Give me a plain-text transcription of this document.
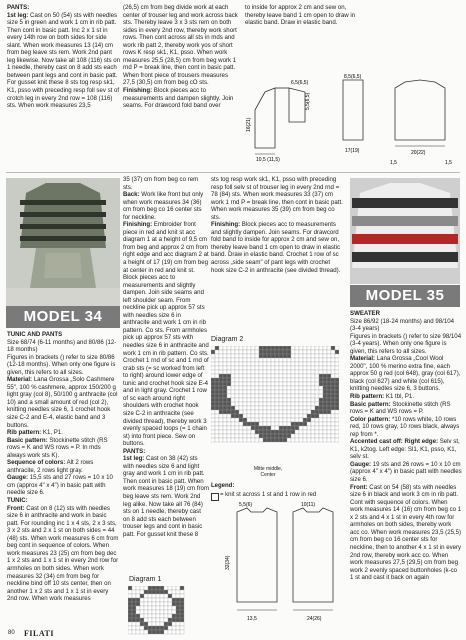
PANTS:
1st leg: Cast on 50 (54) sts with needles size 5 in green and work 1 cm in rib patt. Then cont in basic patt. Inc 2 x 1 st in every 14th row on both sides for side slant. When work measures 13 (14) cm from beg leave sts rem. Work 2nd pant leg likewise. Now take all 108 (116) sts on 1 needle, thereby cast on 8 add sts each between pant legs and cont in basic patt. For gusset knit these 8 sts tog resp sk1, K1, psso with preceding resp foll sev st of crotch leg in every 2nd row = 108 (116) sts. When work measures 23,5
(26,5) cm from beg divide work at each center of trouser leg and work across back sts. Thereby leave 3 x 3 sts rem on both sides in every 2nd row, thereby work short rows. Then cont across all sts in mds and work rib patt 2, thereby work yos of short rows K resp sk1, K1, psso. When work measures 25,5 (28,5) cm from beg work 1 rnd P = break line, then cont in basic patt. When front piece of trousers measures 27,5 (30,5) cm from beg cO sts.
Finishing: Block pieces acc to measurements and dampen slightly. Join seams. For drawcord fold band over
to inside for approx 2 cm and sew on, thereby leave band 1 cm open to draw in elastic band. Draw in elastic band.
10,5 (11,5)
16(21)
6,5(6,5)
5,5(6,5)
8,5(6,5)
17(19)	20(22)
1,5	1,5
MODEL 34
TUNIC AND PANTS
Size 68/74 (6-11 months) and 80/86 (12-18 months)
Figures in brackets () refer to size 80/86 (12-18 months). When only one figure is given, this refers to all sizes.
Material: Lana Grossa „Solo Cashmere 55", 100 % cashmere, approx 150/200 g light gray (col 8), 50/100 g anthracite (col 10) and a small amount of red (col 2), knitting needles size 6, 1 crochet hook size C-2 and E-4, elastic band and 3 buttons.
Rib pattern: K1, P1.
Basic pattern: Stockinette stitch (RS rows = K and WS rows = P. In mds always work sts K).
Sequence of colors: Alt 2 rows anthracite, 2 rows light gray.
Gauge: 15,5 sts and 27 rows = 10 x 10 cm (approx 4" x 4") in basic patt with needle size 6.
TUNIC:
Front: Cast on 8 (12) sts with needles size 6 in anthracite and work in basic patt. For rounding inc 1 x 4 sts, 2 x 3 sts, 3 x 2 sts and 2 x 1 st on both sides = 44 (48) sts. When work measures 6 cm from beg cont in sequence of colors. When work measures 23 (25) cm from beg dec 1 x 2 sts and 1 x 1 st in every 2nd row for armholes on both sides. When work measures 32 (34) cm from beg for neckline bind off 10 sts center, then on another 1 x 2 sts and 1 x 1 st in every 2nd row. When work measures
35 (37) cm from beg co rem sts.
Back: Work like front but only when work measures 34 (36) cm from beg co 16 center sts for neckline.
Finishing: Embroider front piece in red and knit st acc diagram 1 at a height of 9,5 cm from beg and approx 2 cm from right edge and acc diagram 2 at a height of 17 (19) cm from beg at center in red and knit st. Block pieces acc to measurements and slightly dampen. Join side seams and left shoulder seam. From neckline pick up approx 57 sts with needles size 6 in anthracite and work 1 cm in rib pattern. Co sts. From armholes pick up approx 57 sts with needles size 6 in anthracite and work 1 cm in rib pattern. Co sts. Crochet 1 rnd of sc and 1 rnd of crab sts (= sc worked from left to right) around lower edge of tunic and crochet hook size E-4 and in light gray. Crochet 1 row of sc each around right shoulders with crochet hook size C-2 in anthracite (see divided thread), thereby work 3 evenly spaced loops (= 1 chain st) into front piece. Sew on buttons.
PANTS:
1st leg: Cast on 38 (42) sts with needles size 6 and light gray and work 1 cm in rib patt. Then cont in basic patt. When work measures 18 (19) cm from beg leave sts rem. Work 2nd leg alike. Now take all 76 (84) sts on 1 needle, thereby cast on 8 add sts each between trouser legs and cont in basic patt. For gusset knit these 8
sts tog resp work sk1, K1, psso with preceding resp foll selv st of trouser leg in every 2nd rnd = 78 (84) sts. When work measures 33 (37) cm work 1 rnd P = break line, then cont in basic patt. When work measures 35 (39) cm from beg co sts.
Finishing: Block pieces acc to measurements and slightly dampen. Join seams. For drawcord fold band to inside for approx 2 cm and sew on, thereby leave band 1 cm open to draw in elastic band. Draw in elastic band. Crochet 1 row of sc across „side seam" of pant legs with crochet hook size C-2 in anthracite (see divided thread).
Diagram 2
Mitte middle, Center
Legend:
= knit st across 1 st and 1 row in red
Diagram 1
5,5(6)	10(11)
32(34)
13,5	24(26)
MODEL 35
SWEATER
Size 86/92 (18-24 months) and 98/104 (3-4 years)
Figures in brackets () refer to size 98/104 (3-4 years). When only one figure is given, this refers to all sizes.
Material: Lana Grossa „Cool Wool 2000", 100 % merino extra fine, each approx 50 g red (col 648), gray (col 617), black (col 627) and white (col 615), knitting needles size 6, 3 buttons.
Rib pattern: K1 tbl, P1.
Basic pattern: Stockinette stitch (RS rows = K and WS rows = P.
Color pattern: *10 rows white, 10 rows red, 10 rows gray, 10 rows black, always rep from *.
Accented cast off: Right edge: Selv st, K1, k2tog. Left edge: Sl1, K1, psso, K1, selv st.
Gauge: 19 sts and 26 rows = 10 x 10 cm (approx 4" x 4") in basic patt with needles size 6.
Front: Cast on 54 (58) sts with needles size 6 in black and work 3 cm in rib patt. Cont with sequence of colors. When work measures 14 (16) cm from beg co 1 x 2 sts and 4 x 1 st in every 4th row for armholes on both sides, thereby work acc co. When work measures 23,5 (25,5) cm from beg co 16 center sts for neckline, then to another 4 x 1 st in every 2nd row, thereby work acc co. When work measures 27,5 (29,5) cm from beg work 2 evenly spaced buttonholes (k-co 1 st and cast it back on again
80 FILATI
